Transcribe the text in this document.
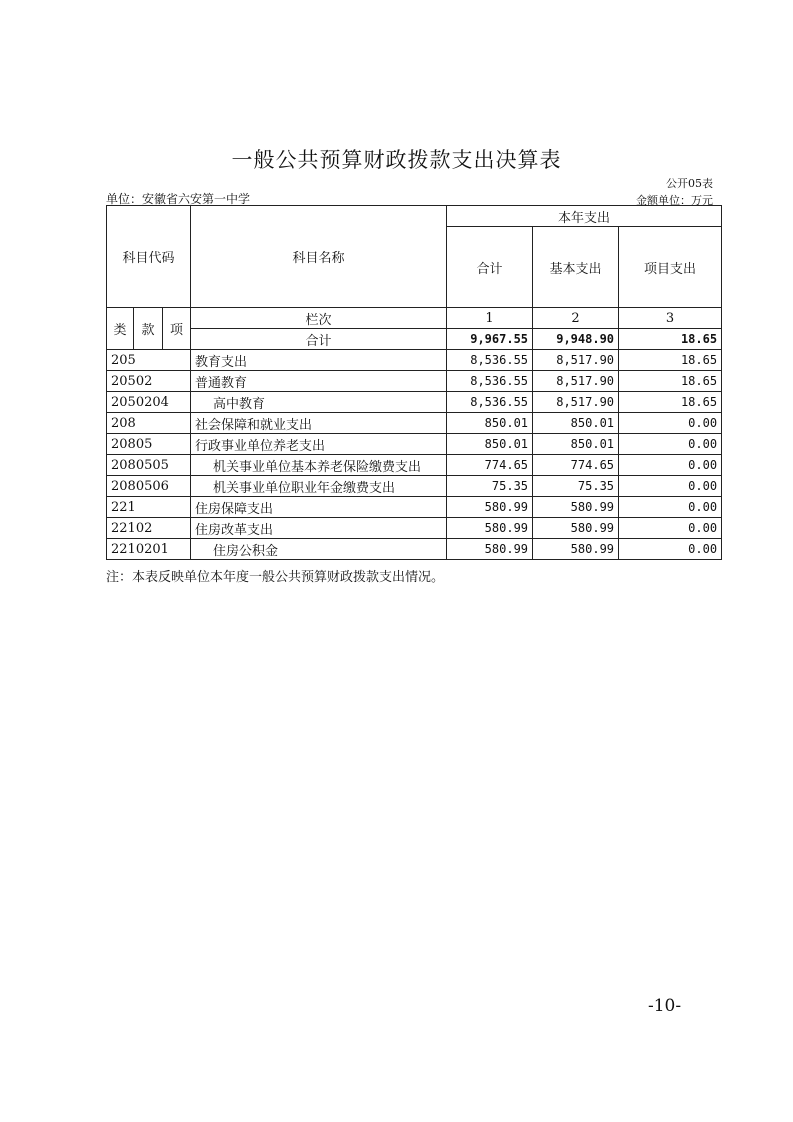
一般公共预算财政拨款支出决算表
公开05表
单位：安徽省六安第一中学	金额单位：万元
科目代码			科目名称	本年支出		
				合计	基本支出	项目支出
类	款	项	栏次	1	2	3
			合计	9,967.55	9,948.90	18.65
205			教育支出	8,536.55	8,517.90	18.65
20502			普通教育	8,536.55	8,517.90	18.65
2050204			高中教育	8,536.55	8,517.90	18.65
208			社会保障和就业支出	850.01	850.01	0.00
20805			行政事业单位养老支出	850.01	850.01	0.00
2080505			机关事业单位基本养老保险缴费支出	774.65	774.65	0.00
2080506			机关事业单位职业年金缴费支出	75.35	75.35	0.00
221			住房保障支出	580.99	580.99	0.00
22102			住房改革支出	580.99	580.99	0.00
2210201			住房公积金	580.99	580.99	0.00
注：本表反映单位本年度一般公共预算财政拨款支出情况。
-10-
